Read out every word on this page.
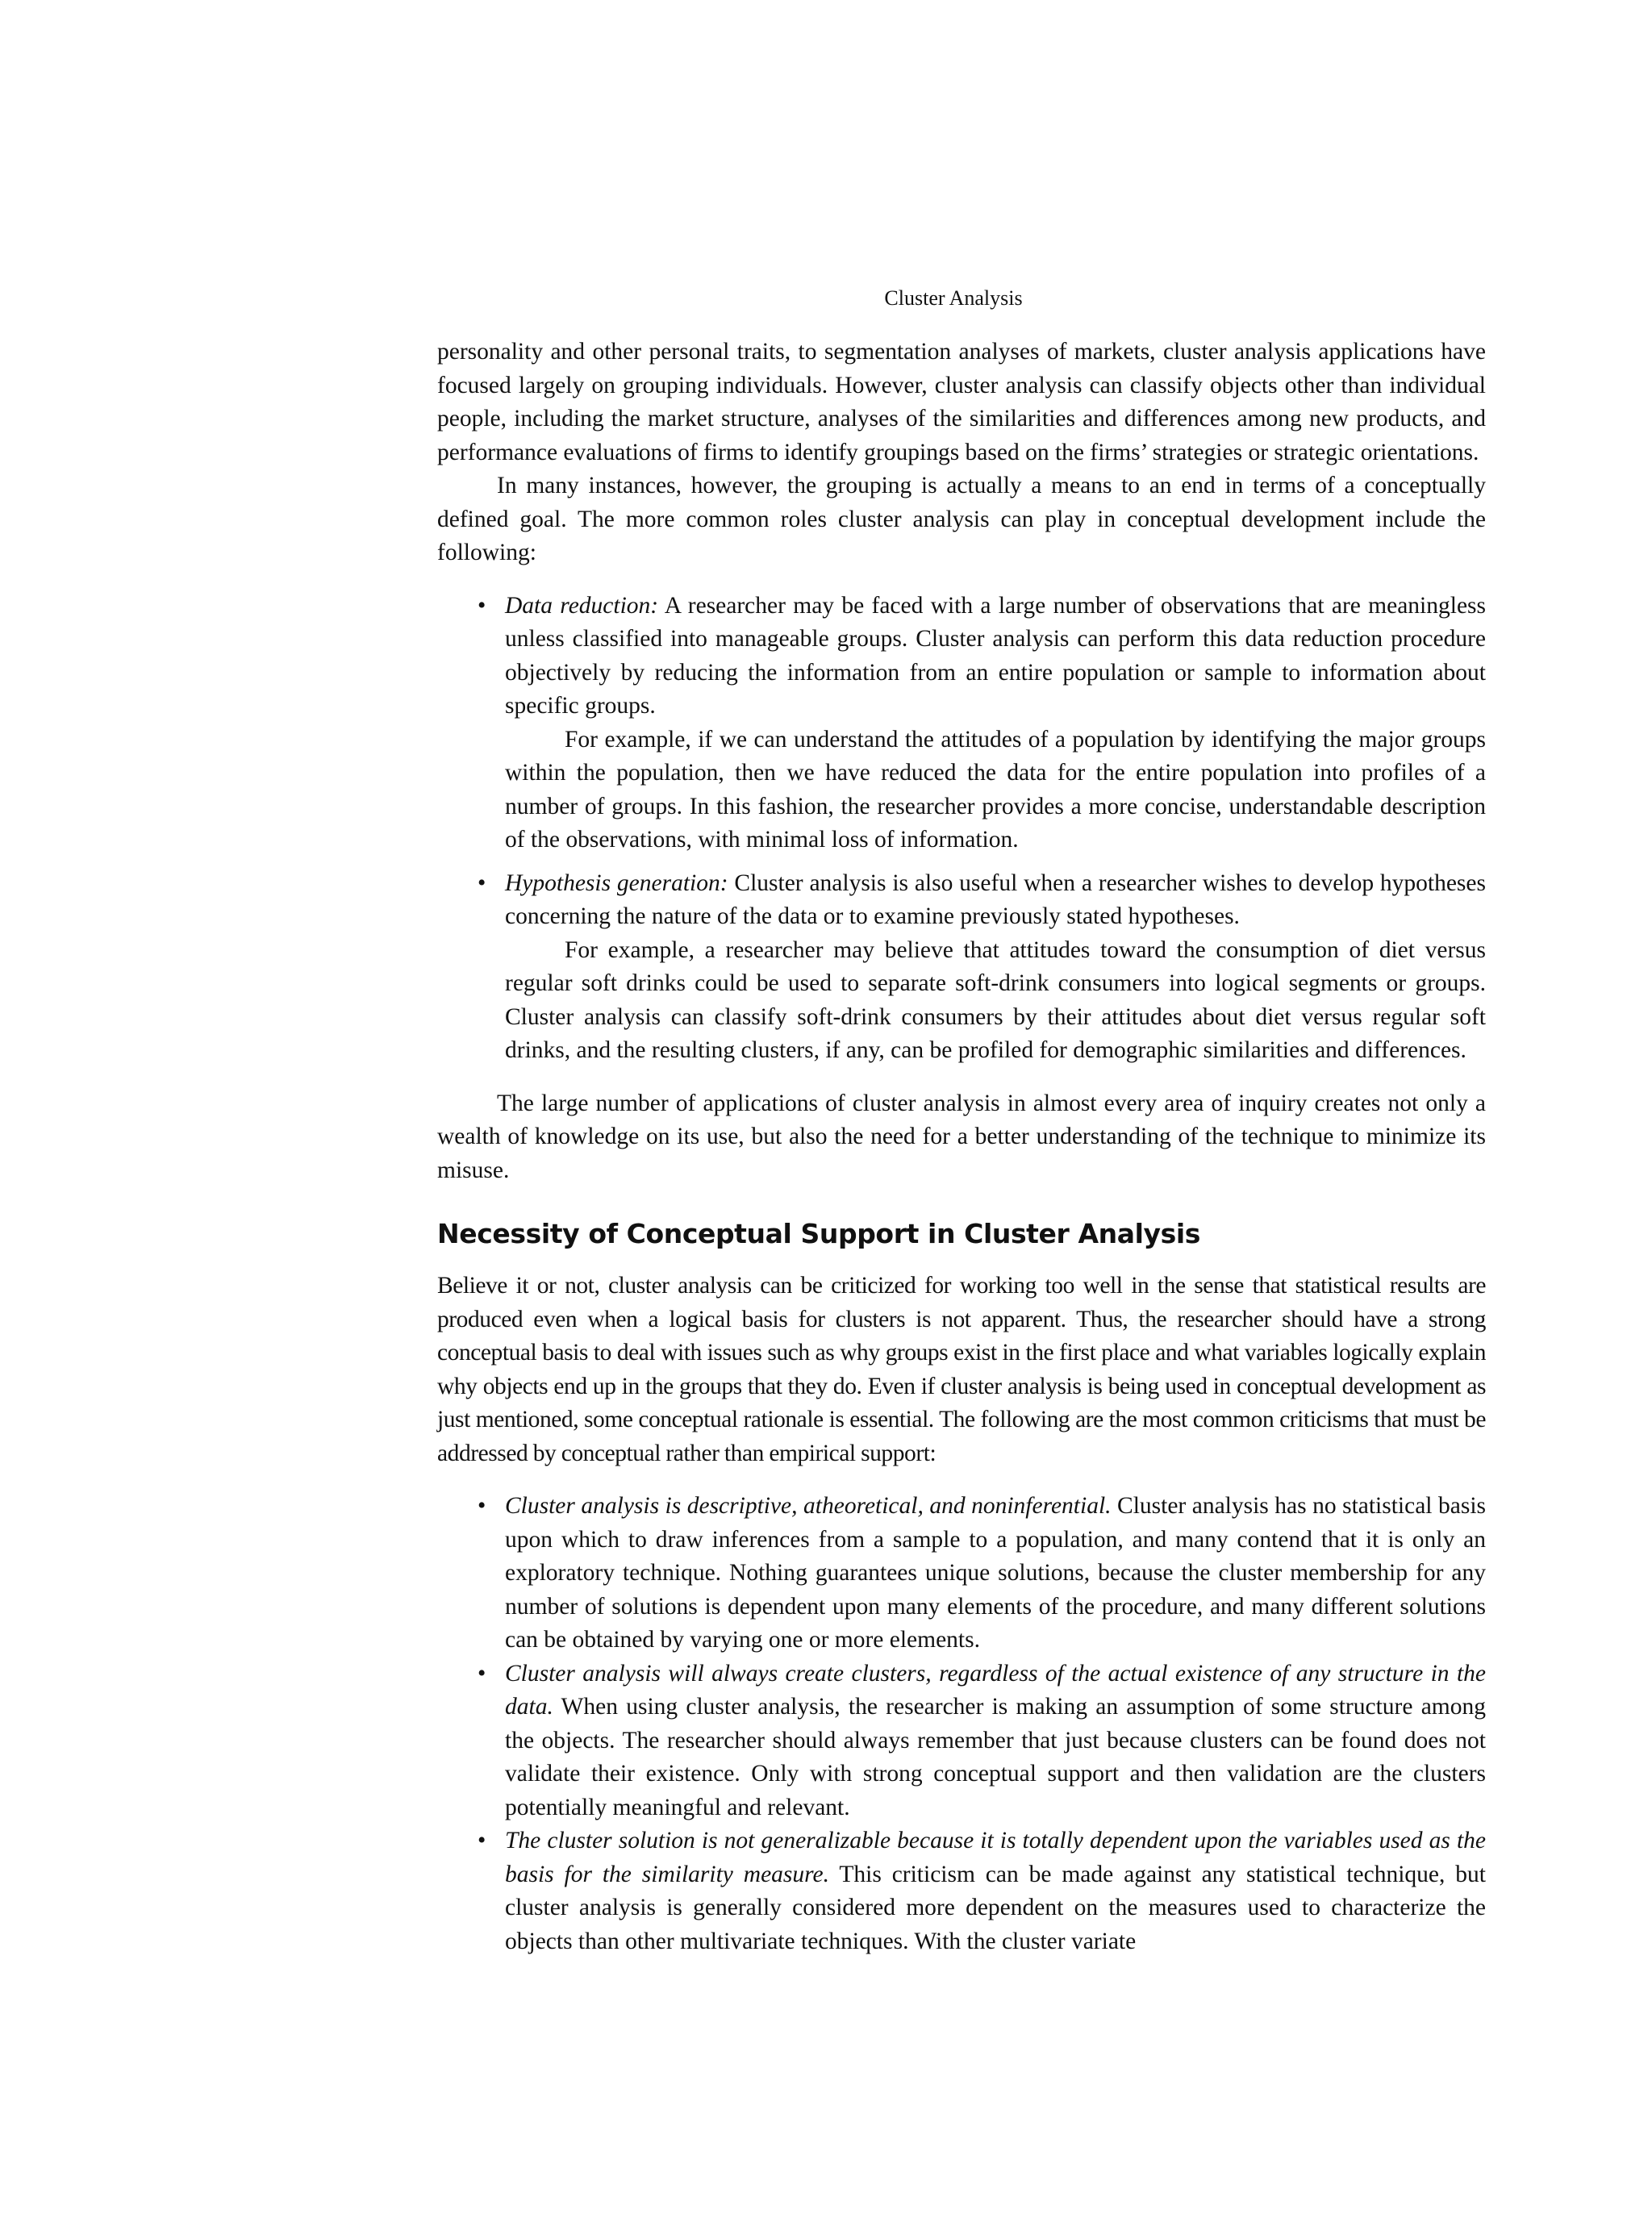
Cluster Analysis

personality and other personal traits, to segmentation analyses of markets, cluster analysis applications have focused largely on grouping individuals. However, cluster analysis can classify objects other than individual people, including the market structure, analyses of the similarities and differences among new products, and performance evaluations of firms to identify groupings based on the firms’ strategies or strategic orientations.

In many instances, however, the grouping is actually a means to an end in terms of a conceptually defined goal. The more common roles cluster analysis can play in conceptual development include the following:

• Data reduction: A researcher may be faced with a large number of observations that are meaningless unless classified into manageable groups. Cluster analysis can perform this data reduction procedure objectively by reducing the information from an entire population or sample to information about specific groups.

For example, if we can understand the attitudes of a population by identifying the major groups within the population, then we have reduced the data for the entire population into profiles of a number of groups. In this fashion, the researcher provides a more concise, understandable description of the observations, with minimal loss of information.

• Hypothesis generation: Cluster analysis is also useful when a researcher wishes to develop hypotheses concerning the nature of the data or to examine previously stated hypotheses.

For example, a researcher may believe that attitudes toward the consumption of diet versus regular soft drinks could be used to separate soft-drink consumers into logical segments or groups. Cluster analysis can classify soft-drink consumers by their attitudes about diet versus regular soft drinks, and the resulting clusters, if any, can be profiled for demographic similarities and differences.

The large number of applications of cluster analysis in almost every area of inquiry creates not only a wealth of knowledge on its use, but also the need for a better understanding of the technique to minimize its misuse.

Necessity of Conceptual Support in Cluster Analysis

Believe it or not, cluster analysis can be criticized for working too well in the sense that statistical results are produced even when a logical basis for clusters is not apparent. Thus, the researcher should have a strong conceptual basis to deal with issues such as why groups exist in the first place and what variables logically explain why objects end up in the groups that they do. Even if cluster analysis is being used in conceptual development as just mentioned, some conceptual rationale is essential. The following are the most common criticisms that must be addressed by conceptual rather than empirical support:

• Cluster analysis is descriptive, atheoretical, and noninferential. Cluster analysis has no statistical basis upon which to draw inferences from a sample to a population, and many contend that it is only an exploratory technique. Nothing guarantees unique solutions, because the cluster membership for any number of solutions is dependent upon many elements of the procedure, and many different solutions can be obtained by varying one or more elements.

• Cluster analysis will always create clusters, regardless of the actual existence of any structure in the data. When using cluster analysis, the researcher is making an assumption of some structure among the objects. The researcher should always remember that just because clusters can be found does not validate their existence. Only with strong conceptual support and then validation are the clusters potentially meaningful and relevant.

• The cluster solution is not generalizable because it is totally dependent upon the variables used as the basis for the similarity measure. This criticism can be made against any statistical technique, but cluster analysis is generally considered more dependent on the measures used to characterize the objects than other multivariate techniques. With the cluster variate
